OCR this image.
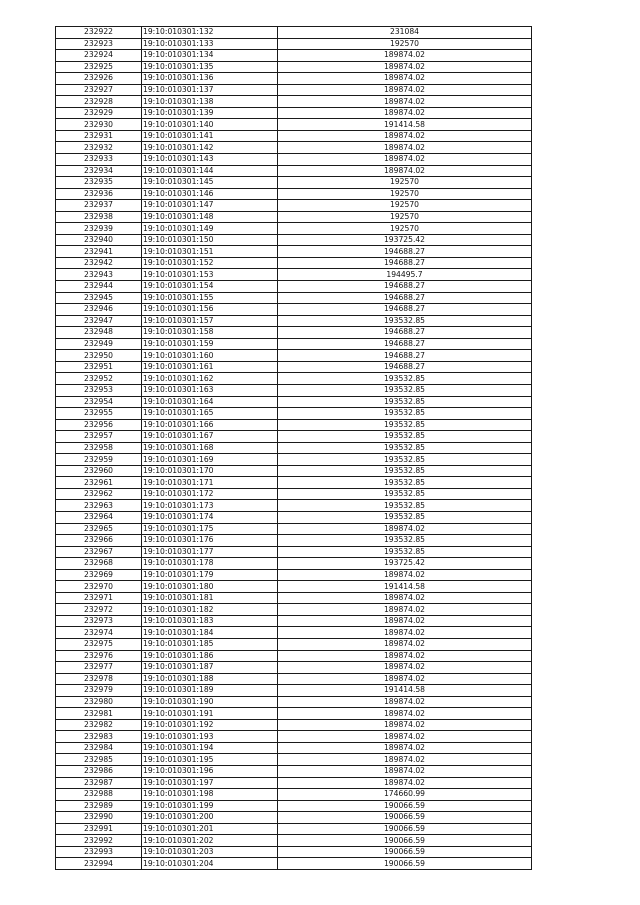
232922	19:10:010301:132	231084
232923	19:10:010301:133	192570
232924	19:10:010301:134	189874.02
232925	19:10:010301:135	189874.02
232926	19:10:010301:136	189874.02
232927	19:10:010301:137	189874.02
232928	19:10:010301:138	189874.02
232929	19:10:010301:139	189874.02
232930	19:10:010301:140	191414.58
232931	19:10:010301:141	189874.02
232932	19:10:010301:142	189874.02
232933	19:10:010301:143	189874.02
232934	19:10:010301:144	189874.02
232935	19:10:010301:145	192570
232936	19:10:010301:146	192570
232937	19:10:010301:147	192570
232938	19:10:010301:148	192570
232939	19:10:010301:149	192570
232940	19:10:010301:150	193725.42
232941	19:10:010301:151	194688.27
232942	19:10:010301:152	194688.27
232943	19:10:010301:153	194495.7
232944	19:10:010301:154	194688.27
232945	19:10:010301:155	194688.27
232946	19:10:010301:156	194688.27
232947	19:10:010301:157	193532.85
232948	19:10:010301:158	194688.27
232949	19:10:010301:159	194688.27
232950	19:10:010301:160	194688.27
232951	19:10:010301:161	194688.27
232952	19:10:010301:162	193532.85
232953	19:10:010301:163	193532.85
232954	19:10:010301:164	193532.85
232955	19:10:010301:165	193532.85
232956	19:10:010301:166	193532.85
232957	19:10:010301:167	193532.85
232958	19:10:010301:168	193532.85
232959	19:10:010301:169	193532.85
232960	19:10:010301:170	193532.85
232961	19:10:010301:171	193532.85
232962	19:10:010301:172	193532.85
232963	19:10:010301:173	193532.85
232964	19:10:010301:174	193532.85
232965	19:10:010301:175	189874.02
232966	19:10:010301:176	193532.85
232967	19:10:010301:177	193532.85
232968	19:10:010301:178	193725.42
232969	19:10:010301:179	189874.02
232970	19:10:010301:180	191414.58
232971	19:10:010301:181	189874.02
232972	19:10:010301:182	189874.02
232973	19:10:010301:183	189874.02
232974	19:10:010301:184	189874.02
232975	19:10:010301:185	189874.02
232976	19:10:010301:186	189874.02
232977	19:10:010301:187	189874.02
232978	19:10:010301:188	189874.02
232979	19:10:010301:189	191414.58
232980	19:10:010301:190	189874.02
232981	19:10:010301:191	189874.02
232982	19:10:010301:192	189874.02
232983	19:10:010301:193	189874.02
232984	19:10:010301:194	189874.02
232985	19:10:010301:195	189874.02
232986	19:10:010301:196	189874.02
232987	19:10:010301:197	189874.02
232988	19:10:010301:198	174660.99
232989	19:10:010301:199	190066.59
232990	19:10:010301:200	190066.59
232991	19:10:010301:201	190066.59
232992	19:10:010301:202	190066.59
232993	19:10:010301:203	190066.59
232994	19:10:010301:204	190066.59
